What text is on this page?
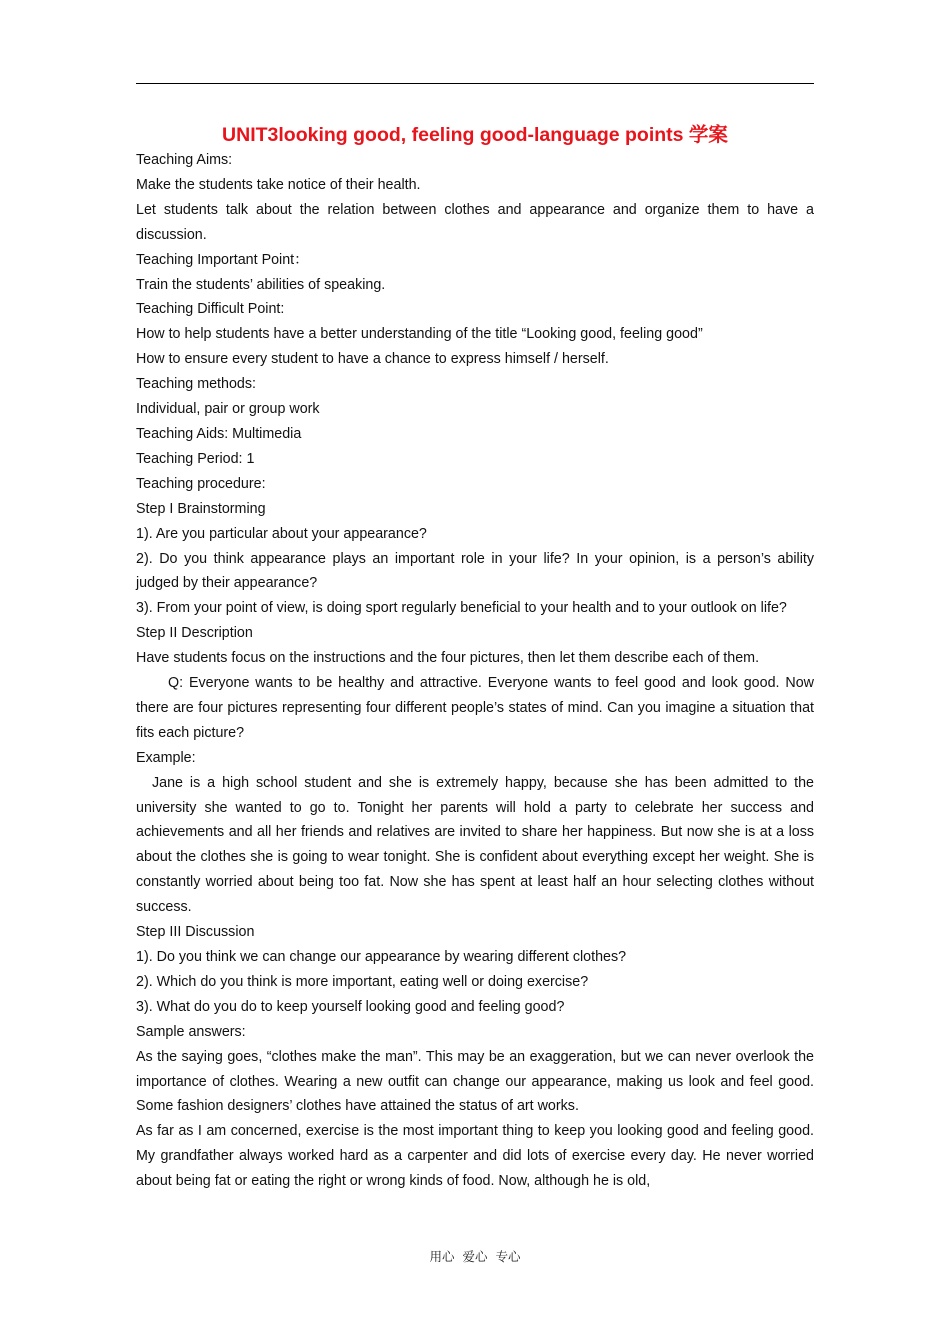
UNIT3looking good, feeling good-language points 学案

Teaching Aims:

Make the students take notice of their health.

Let students talk about the relation between clothes and appearance and organize them to have a discussion.

Teaching Important Point：

Train the students’ abilities of speaking.

Teaching Difficult Point:

How to help students have a better understanding of the title “Looking good, feeling good”

How to ensure every student to have a chance to express himself / herself.

Teaching methods:

Individual, pair or group work

Teaching Aids: Multimedia

Teaching Period: 1

Teaching procedure:

Step I Brainstorming

1). Are you particular about your appearance?

2). Do you think appearance plays an important role in your life? In your opinion, is a person’s ability judged by their appearance?

3). From your point of view, is doing sport regularly beneficial to your health and to your outlook on life?

Step II Description

Have students focus on the instructions and the four pictures, then let them describe each of them.

Q: Everyone wants to be healthy and attractive. Everyone wants to feel good and look good. Now there are four pictures representing four different people’s states of mind. Can you imagine a situation that fits each picture?

Example:

Jane is a high school student and she is extremely happy, because she has been admitted to the university she wanted to go to. Tonight her parents will hold a party to celebrate her success and achievements and all her friends and relatives are invited to share her happiness. But now she is at a loss about the clothes she is going to wear tonight. She is confident about everything except her weight. She is constantly worried about being too fat. Now she has spent at least half an hour selecting clothes without success.

Step III Discussion

1). Do you think we can change our appearance by wearing different clothes?

2). Which do you think is more important, eating well or doing exercise?

3). What do you do to keep yourself looking good and feeling good?

Sample answers:

As the saying goes, “clothes make the man”. This may be an exaggeration, but we can never overlook the importance of clothes. Wearing a new outfit can change our appearance, making us look and feel good. Some fashion designers’ clothes have attained the status of art works.

As far as I am concerned, exercise is the most important thing to keep you looking good and feeling good. My grandfather always worked hard as a carpenter and did lots of exercise every day. He never worried about being fat or eating the right or wrong kinds of food. Now, although he is old,

用心  爱心  专心
